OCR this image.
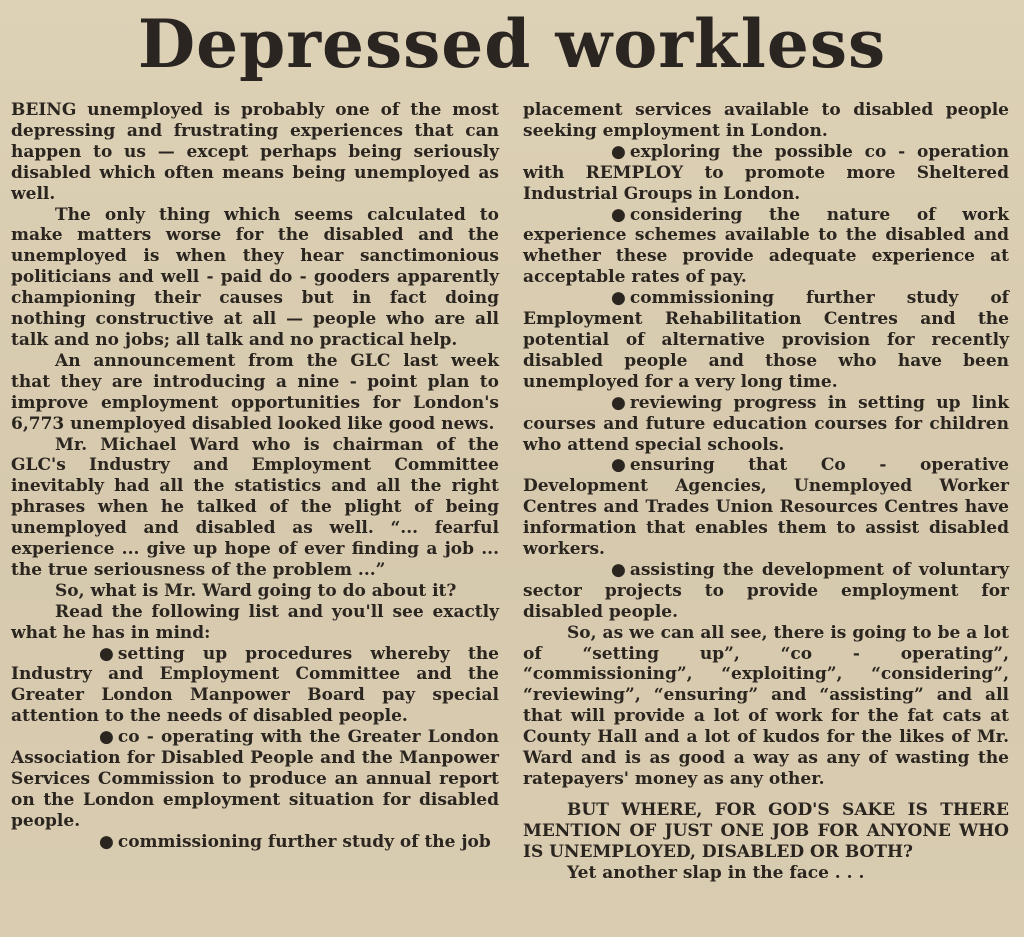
Depressed workless

BEING unemployed is probably one of the most depressing and frustrating experiences that can happen to us — except perhaps being seriously disabled which often means being unemployed as well.

The only thing which seems calculated to make matters worse for the disabled and the unemployed is when they hear sanctimonious politicians and well - paid do - gooders apparently championing their causes but in fact doing nothing constructive at all — people who are all talk and no jobs; all talk and no practical help.

An announcement from the GLC last week that they are introducing a nine - point plan to improve employment opportunities for London's 6,773 unemployed disabled looked like good news.

Mr. Michael Ward who is chairman of the GLC's Industry and Employment Committee inevitably had all the statistics and all the right phrases when he talked of the plight of being unemployed and disabled as well. “... fearful experience ... give up hope of ever finding a job ... the true seriousness of the problem ...”

So, what is Mr. Ward going to do about it?

Read the following list and you'll see exactly what he has in mind:

● setting up procedures whereby the Industry and Employment Committee and the Greater London Manpower Board pay special attention to the needs of disabled people.

● co - operating with the Greater London Association for Disabled People and the Manpower Services Commission to produce an annual report on the London employment situation for disabled people.

● commissioning further study of the job

placement services available to disabled people seeking employment in London.

● exploring the possible co - operation with REMPLOY to promote more Sheltered Industrial Groups in London.

● considering the nature of work experience schemes available to the disabled and whether these provide adequate experience at acceptable rates of pay.

● commissioning further study of Employment Rehabilitation Centres and the potential of alternative provision for recently disabled people and those who have been unemployed for a very long time.

● reviewing progress in setting up link courses and future education courses for children who attend special schools.

● ensuring that Co - operative Development Agencies, Unemployed Worker Centres and Trades Union Resources Centres have information that enables them to assist disabled workers.

● assisting the development of voluntary sector projects to provide employment for disabled people.

So, as we can all see, there is going to be a lot of “setting up”, “co - operating”, “commissioning”, “exploiting”, “considering”, “reviewing”, “ensuring” and “assisting” and all that will provide a lot of work for the fat cats at County Hall and a lot of kudos for the likes of Mr. Ward and is as good a way as any of wasting the ratepayers' money as any other.

BUT WHERE, FOR GOD'S SAKE IS THERE MENTION OF JUST ONE JOB FOR ANYONE WHO IS UNEMPLOYED, DISABLED OR BOTH?

Yet another slap in the face . . .
